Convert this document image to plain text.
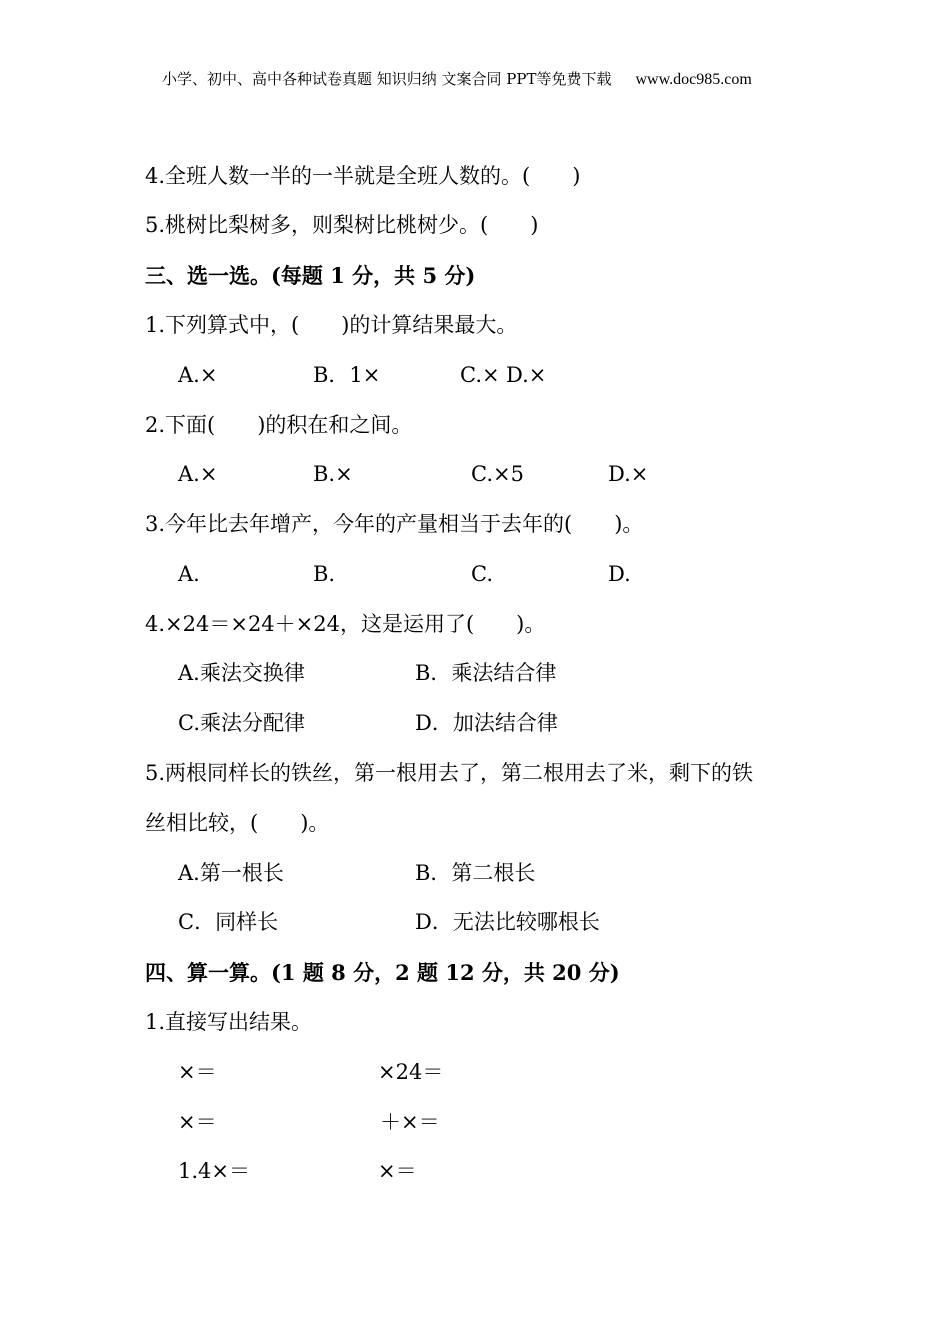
小学、初中、高中各种试卷真题 知识归纳 文案合同 PPT等免费下载 www.doc985.com
4.全班人数一半的一半就是全班人数的。(　　)
5.桃树比梨树多，则梨树比桃树少。(　　)
三、选一选。(每题 1 分，共 5 分)
1.下列算式中，(　　)的计算结果最大。
A.×	B．1×	C.× D.×
2.下面(　　)的积在和之间。
A.×	B.×	C.×5	D.×
3.今年比去年增产，今年的产量相当于去年的(　　)。
A.	B.	C.	D.
4.×24＝×24＋×24，这是运用了(　　)。
A.乘法交换律	B．乘法结合律
C.乘法分配律	D．加法结合律
5.两根同样长的铁丝，第一根用去了，第二根用去了米，剩下的铁
丝相比较，(　　)。
A.第一根长	B．第二根长
C．同样长	D．无法比较哪根长
四、算一算。(1 题 8 分，2 题 12 分，共 20 分)
1.直接写出结果。
×＝	×24＝
×＝	＋×＝
1.4×＝	×＝
